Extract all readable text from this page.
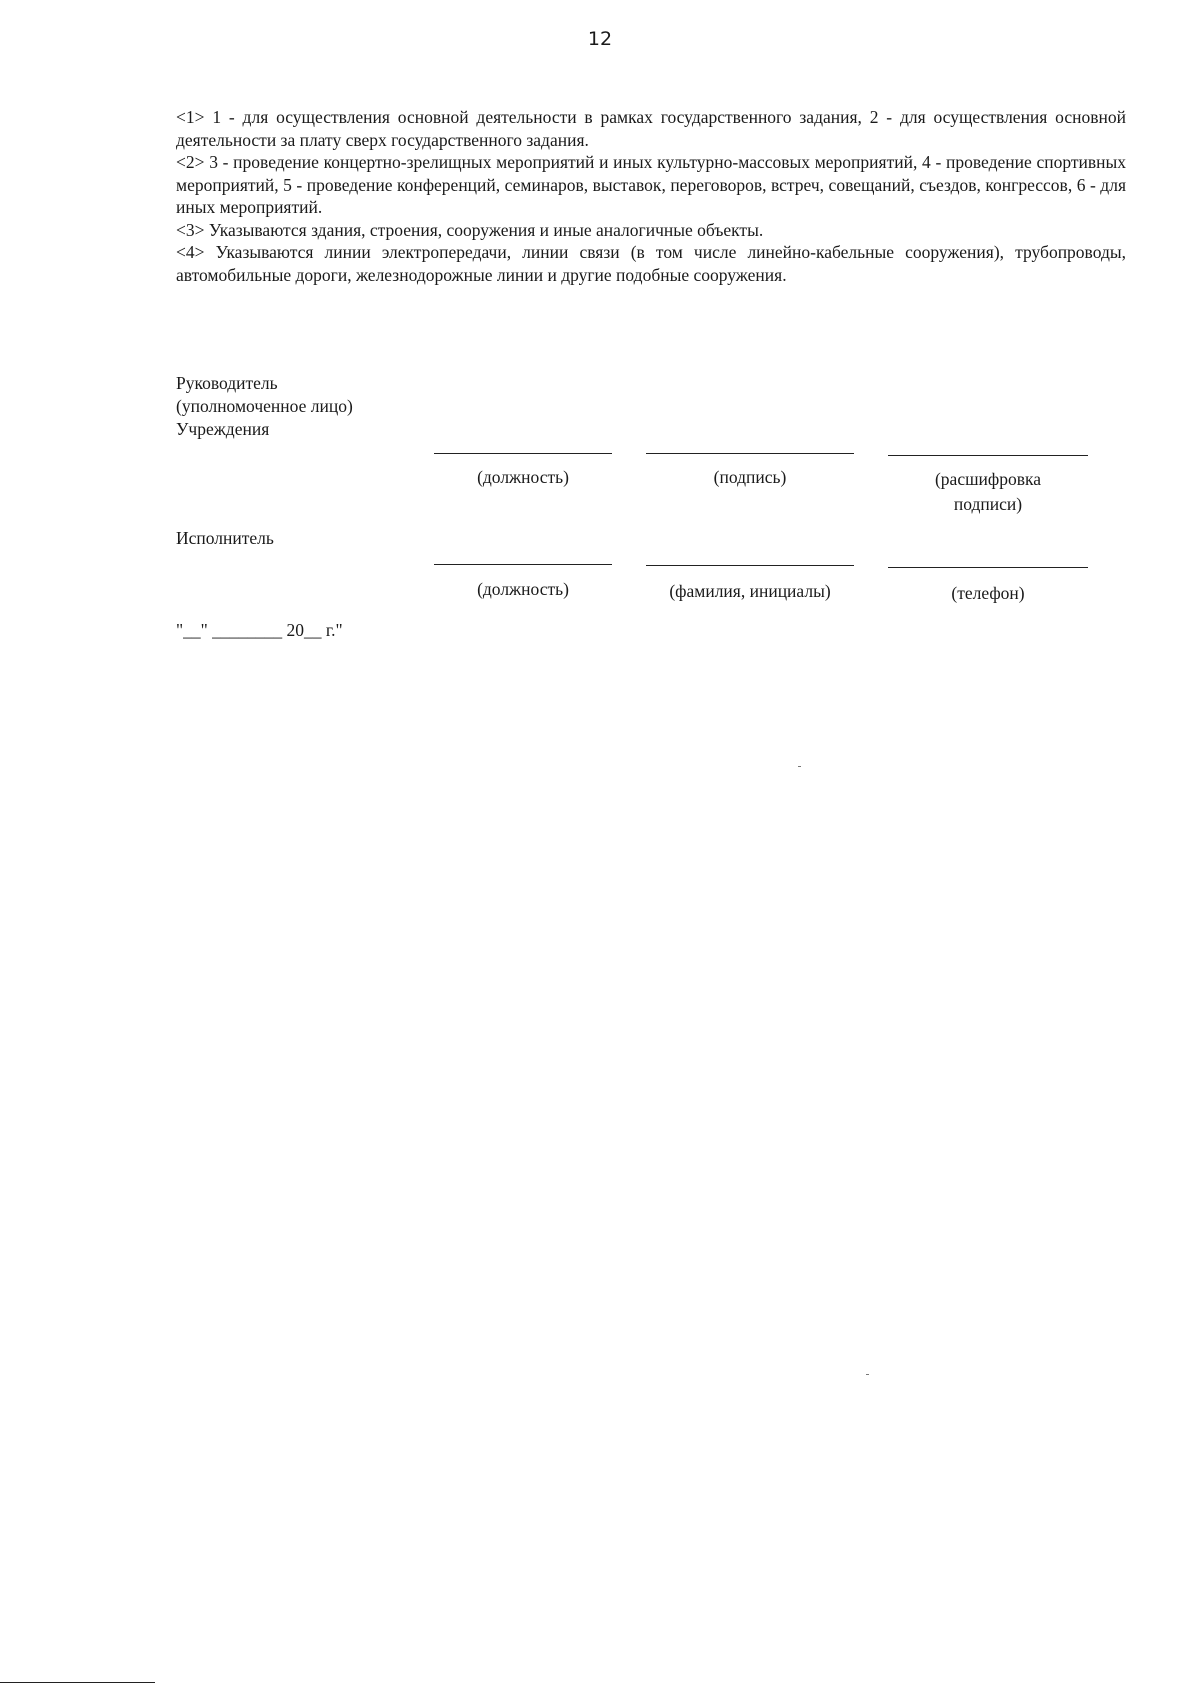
12

<1> 1 - для осуществления основной деятельности в рамках государственного задания, 2 - для осуществления основной деятельности за плату сверх государственного задания.

<2> 3 - проведение концертно-зрелищных мероприятий и иных культурно-массовых мероприятий, 4 - проведение спортивных мероприятий, 5 - проведение конференций, семинаров, выставок, переговоров, встреч, совещаний, съездов, конгрессов, 6 - для иных мероприятий.

<3> Указываются здания, строения, сооружения и иные аналогичные объекты.

<4> Указываются линии электропередачи, линии связи (в том числе линейно-кабельные сооружения), трубопроводы, автомобильные дороги, железнодорожные линии и другие подобные сооружения.

Руководитель
(уполномоченное лицо)
Учреждения
(должность)	(подпись)	(расшифровка
подписи)
Исполнитель
(должность)	(фамилия, инициалы)	(телефон)
"__" ________ 20__ г."
